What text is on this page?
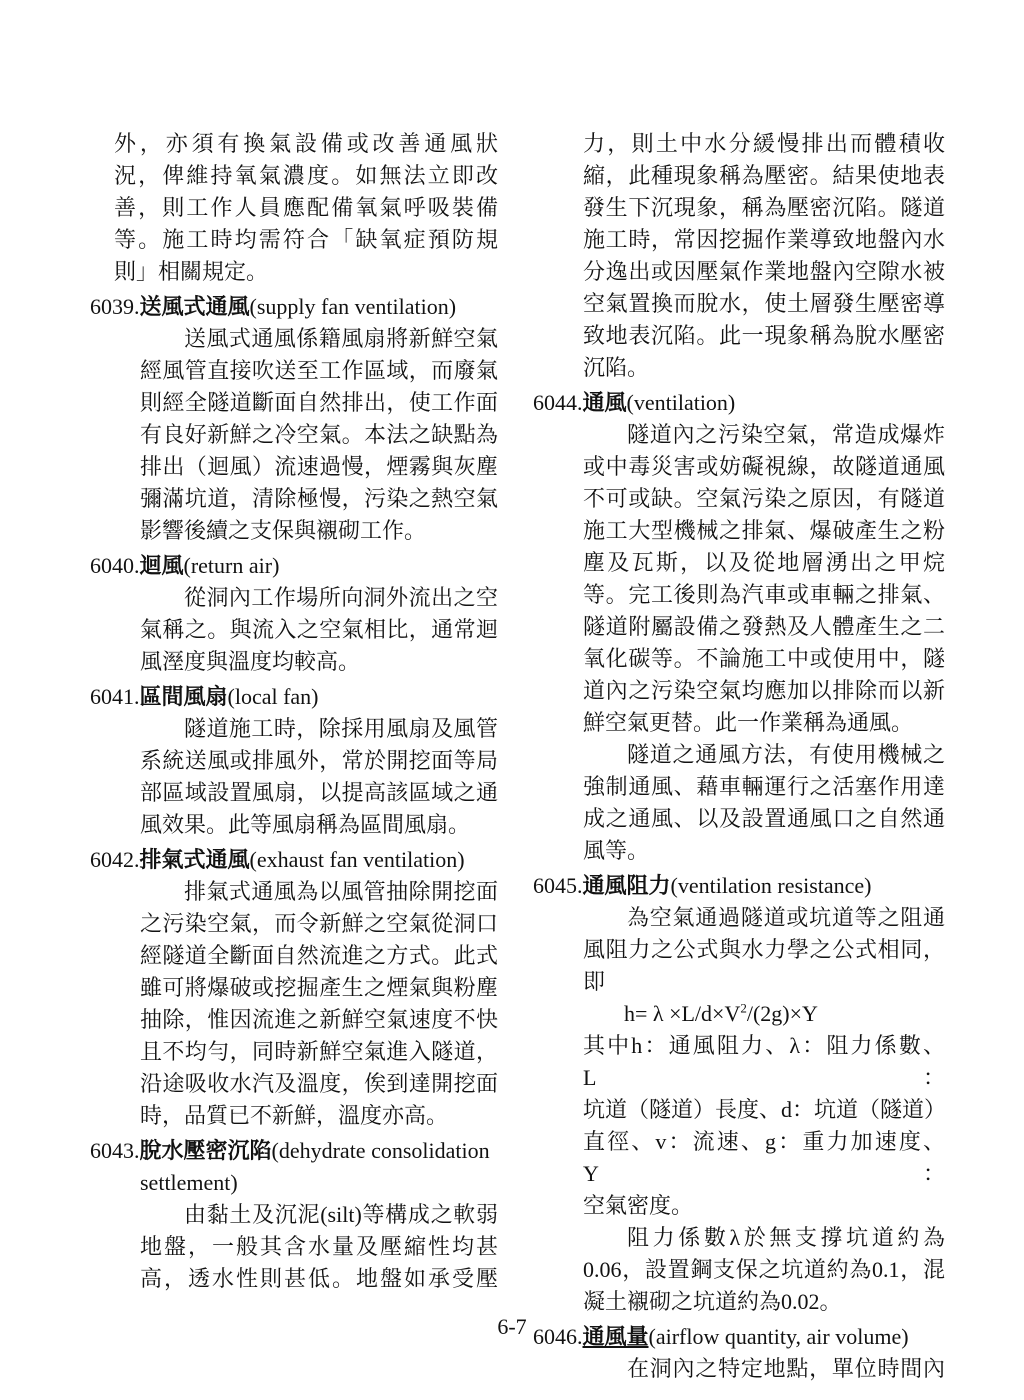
外，亦須有換氣設備或改善通風狀
況，俾維持氧氣濃度。如無法立即改
善，則工作人員應配備氧氣呼吸裝備
等。施工時均需符合「缺氧症預防規
則」相關規定。
6039.送風式通風(supply fan ventilation)
送風式通風係籍風扇將新鮮空氣
經風管直接吹送至工作區域，而廢氣
則經全隧道斷面自然排出，使工作面
有良好新鮮之冷空氣。本法之缺點為
排出（迴風）流速過慢，煙霧與灰塵
彌滿坑道，清除極慢，污染之熱空氣
影響後續之支保與襯砌工作。
6040.迴風(return air)
從洞內工作場所向洞外流出之空
氣稱之。與流入之空氣相比，通常迴
風溼度與溫度均較高。
6041.區間風扇(local fan)
隧道施工時，除採用風扇及風管
系統送風或排風外，常於開挖面等局
部區域設置風扇，以提高該區域之通
風效果。此等風扇稱為區間風扇。
6042.排氣式通風(exhaust fan ventilation)
排氣式通風為以風管抽除開挖面
之污染空氣，而令新鮮之空氣從洞口
經隧道全斷面自然流進之方式。此式
雖可將爆破或挖掘產生之煙氣與粉塵
抽除，惟因流進之新鮮空氣速度不快
且不均勻，同時新鮮空氣進入隧道，
沿途吸收水汽及溫度，俟到達開挖面
時，品質已不新鮮，溫度亦高。
6043.脫水壓密沉陷(dehydrate consolidation
settlement)
由黏土及沉泥(silt)等構成之軟弱
地盤，一般其含水量及壓縮性均甚
高，透水性則甚低。地盤如承受壓
力，則土中水分緩慢排出而體積收
縮，此種現象稱為壓密。結果使地表
發生下沉現象，稱為壓密沉陷。隧道
施工時，常因挖掘作業導致地盤內水
分逸出或因壓氣作業地盤內空隙水被
空氣置換而脫水，使土層發生壓密導
致地表沉陷。此一現象稱為脫水壓密
沉陷。
6044.通風(ventilation)
隧道內之污染空氣，常造成爆炸
或中毒災害或妨礙視線，故隧道通風
不可或缺。空氣污染之原因，有隧道
施工大型機械之排氣、爆破產生之粉
塵及瓦斯，以及從地層湧出之甲烷
等。完工後則為汽車或車輛之排氣、
隧道附屬設備之發熱及人體產生之二
氧化碳等。不論施工中或使用中，隧
道內之污染空氣均應加以排除而以新
鮮空氣更替。此一作業稱為通風。
隧道之通風方法，有使用機械之
強制通風、藉車輛運行之活塞作用達
成之通風、以及設置通風口之自然通
風等。
6045.通風阻力(ventilation resistance)
為空氣通過隧道或坑道等之阻通
風阻力之公式與水力學之公式相同，
即
$h= \lambda \times L/d\times V^2/(2g)\times\Upsilon$
其中h：通風阻力、λ：阻力係數、L：
坑道（隧道）長度、d：坑道（隧道）
直徑、v：流速、g：重力加速度、Υ：
空氣密度。
阻力係數λ於無支撐坑道約為
0.06，設置鋼支保之坑道約為0.1，混
凝土襯砌之坑道約為0.02。
6046.通風量(airflow quantity, air volume)
在洞內之特定地點，單位時間內
6-7
